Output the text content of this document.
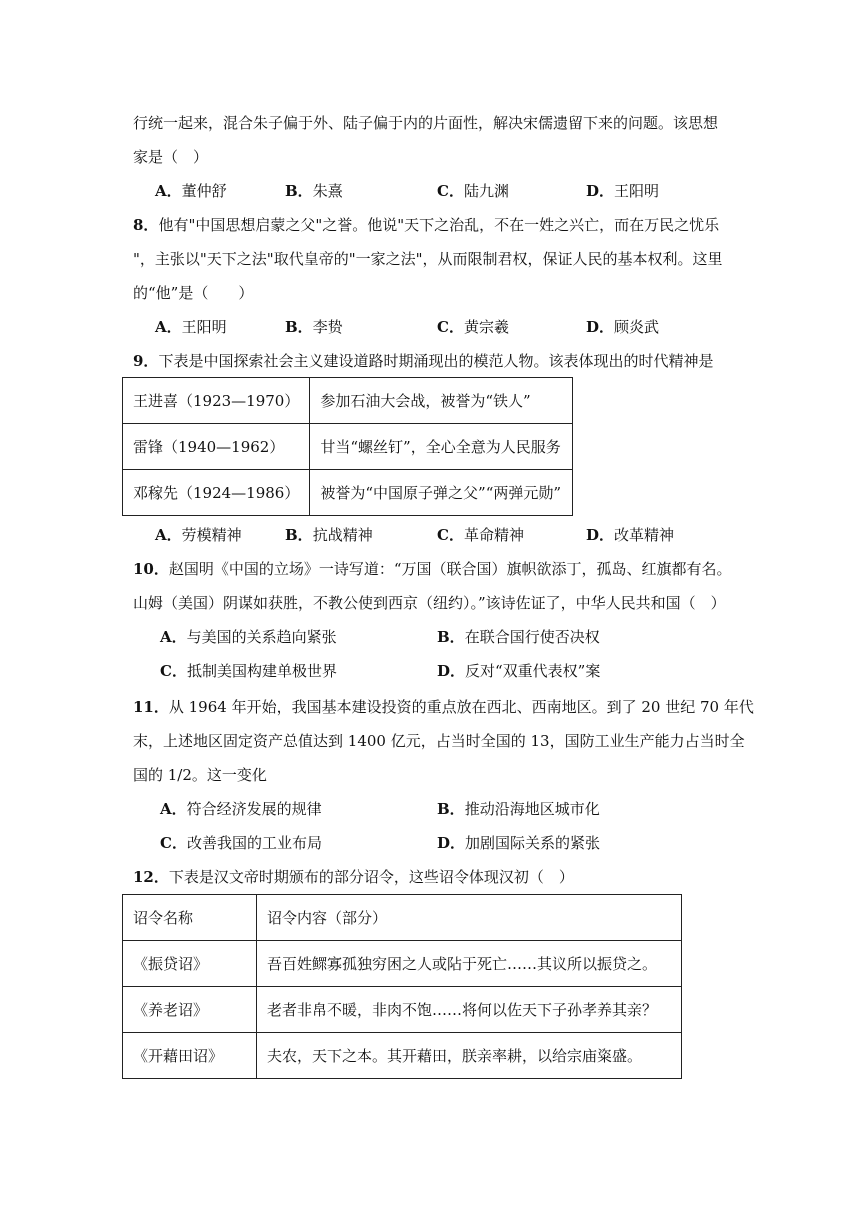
行统一起来，混合朱子偏于外、陆子偏于内的片面性，解决宋儒遗留下来的问题。该思想
家是（　）
A．董仲舒	B．朱熹	C．陆九渊	D．王阳明
8．他有"中国思想启蒙之父"之誉。他说"天下之治乱，不在一姓之兴亡，而在万民之忧乐
"，主张以"天下之法"取代皇帝的"一家之法"，从而限制君权，保证人民的基本权利。这里
的“他”是（　　）
A．王阳明	B．李贽	C．黄宗羲	D．顾炎武
9．下表是中国探索社会主义建设道路时期涌现出的模范人物。该表体现出的时代精神是
王进喜（1923—1970）	参加石油大会战，被誉为“铁人”
雷锋（1940—1962）	甘当“螺丝钉”，全心全意为人民服务
邓稼先（1924—1986）	被誉为“中国原子弹之父”“两弹元勋”
A．劳模精神	B．抗战精神	C．革命精神	D．改革精神
10．赵国明《中国的立场》一诗写道：“万国（联合国）旗帜欲添丁，孤岛、红旗都有名。
山姆（美国）阴谋如获胜，不教公使到西京（纽约）。”该诗佐证了，中华人民共和国（　）
A．与美国的关系趋向紧张	B．在联合国行使否决权
C．抵制美国构建单极世界	D．反对“双重代表权”案
11．从 1964 年开始，我国基本建设投资的重点放在西北、西南地区。到了 20 世纪 70 年代
末，上述地区固定资产总值达到 1400 亿元，占当时全国的 13，国防工业生产能力占当时全
国的 1/2。这一变化
A．符合经济发展的规律	B．推动沿海地区城市化
C．改善我国的工业布局	D．加剧国际关系的紧张
12．下表是汉文帝时期颁布的部分诏令，这些诏令体现汉初（　）
诏令名称	诏令内容（部分）
《振贷诏》	吾百姓鳏寡孤独穷困之人或阽于死亡……其议所以振贷之。
《养老诏》	老者非帛不暖，非肉不饱……将何以佐天下子孙孝养其亲？
《开藉田诏》	夫农，天下之本。其开藉田，朕亲率耕，以给宗庙粢盛。
